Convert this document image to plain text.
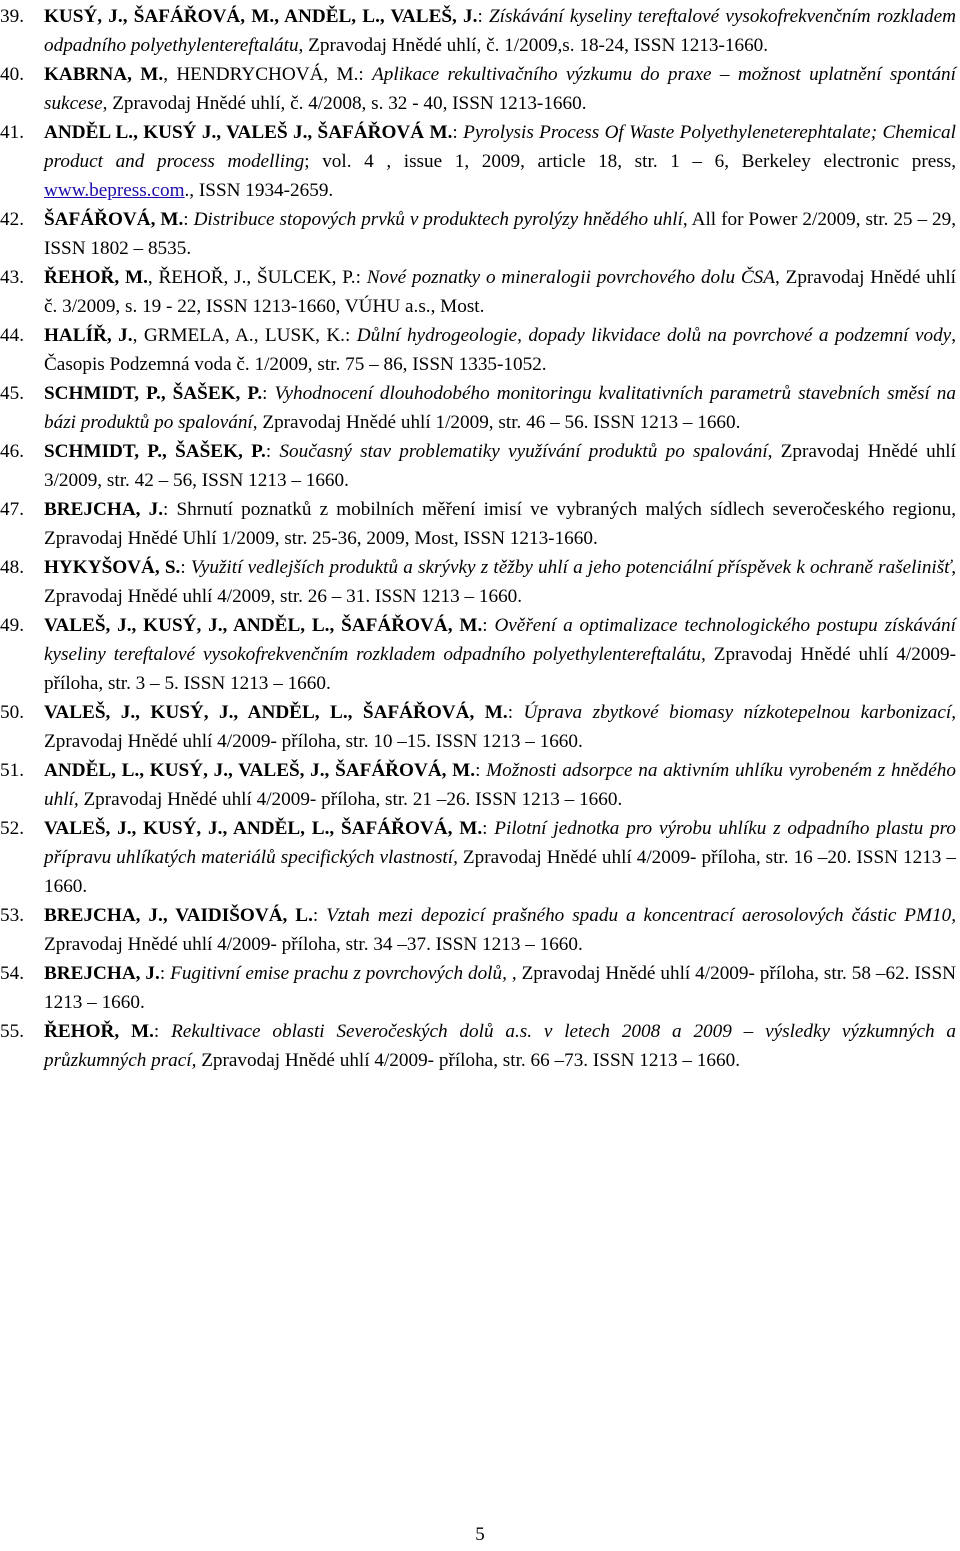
39. KUSÝ, J., ŠAFÁŘOVÁ, M., ANDĚL, L., VALEŠ, J.: Získávání kyseliny tereftalové vysokofrekvenčním rozkladem odpadního polyethylentereftalátu, Zpravodaj Hnědé uhlí, č. 1/2009,s. 18-24, ISSN 1213-1660.
40. KABRNA, M., HENDRYCHOVÁ, M.: Aplikace rekultivačního výzkumu do praxe – možnost uplatnění spontání sukcese, Zpravodaj Hnědé uhlí, č. 4/2008, s. 32 - 40, ISSN 1213-1660.
41. ANDĚL L., KUSÝ J., VALEŠ J., ŠAFÁŘOVÁ M.: Pyrolysis Process Of Waste Polyethyleneterephtalate; Chemical product and process modelling; vol. 4 , issue 1, 2009, article 18, str. 1 – 6, Berkeley electronic press, www.bepress.com., ISSN 1934-2659.
42. ŠAFÁŘOVÁ, M.: Distribuce stopových prvků v produktech pyrolýzy hnědého uhlí, All for Power 2/2009, str. 25 – 29, ISSN 1802 – 8535.
43. ŘEHOŘ, M., ŘEHOŘ, J., ŠULCEK, P.: Nové poznatky o mineralogii povrchového dolu ČSA, Zpravodaj Hnědé uhlí č. 3/2009, s. 19 - 22, ISSN 1213-1660, VÚHU a.s., Most.
44. HALÍŘ, J., GRMELA, A., LUSK, K.: Důlní hydrogeologie, dopady likvidace dolů na povrchové a podzemní vody, Časopis Podzemná voda č. 1/2009, str. 75 – 86, ISSN 1335-1052.
45. SCHMIDT, P., ŠAŠEK, P.: Vyhodnocení dlouhodobého monitoringu kvalitativních parametrů stavebních směsí na bázi produktů po spalování, Zpravodaj Hnědé uhlí 1/2009, str. 46 – 56. ISSN 1213 – 1660.
46. SCHMIDT, P., ŠAŠEK, P.: Současný stav problematiky využívání produktů po spalování, Zpravodaj Hnědé uhlí 3/2009, str. 42 – 56, ISSN 1213 – 1660.
47. BREJCHA, J.: Shrnutí poznatků z mobilních měření imisí ve vybraných malých sídlech severočeského regionu, Zpravodaj Hnědé Uhlí 1/2009, str. 25-36, 2009, Most, ISSN 1213-1660.
48. HYKYŠOVÁ, S.: Využití vedlejších produktů a skrývky z těžby uhlí a jeho potenciální příspěvek k ochraně rašelinišť, Zpravodaj Hnědé uhlí 4/2009, str. 26 – 31. ISSN 1213 – 1660.
49. VALEŠ, J., KUSÝ, J., ANDĚL, L., ŠAFÁŘOVÁ, M.: Ověření a optimalizace technologického postupu získávání kyseliny tereftalové vysokofrekvenčním rozkladem odpadního polyethylentereftalátu, Zpravodaj Hnědé uhlí 4/2009- příloha, str. 3 – 5. ISSN 1213 – 1660.
50. VALEŠ, J., KUSÝ, J., ANDĚL, L., ŠAFÁŘOVÁ, M.: Úprava zbytkové biomasy nízkotepelnou karbonizací, Zpravodaj Hnědé uhlí 4/2009- příloha, str. 10 –15. ISSN 1213 – 1660.
51. ANDĚL, L., KUSÝ, J., VALEŠ, J., ŠAFÁŘOVÁ, M.: Možnosti adsorpce na aktivním uhlíku vyrobeném z hnědého uhlí, Zpravodaj Hnědé uhlí 4/2009- příloha, str. 21 –26. ISSN 1213 – 1660.
52. VALEŠ, J., KUSÝ, J., ANDĚL, L., ŠAFÁŘOVÁ, M.: Pilotní jednotka pro výrobu uhlíku z odpadního plastu pro přípravu uhlíkatých materiálů specifických vlastností, Zpravodaj Hnědé uhlí 4/2009- příloha, str. 16 –20. ISSN 1213 – 1660.
53. BREJCHA, J., VAIDIŠOVÁ, L.: Vztah mezi depozicí prašného spadu a koncentrací aerosolových částic PM10, Zpravodaj Hnědé uhlí 4/2009- příloha, str. 34 –37. ISSN 1213 – 1660.
54. BREJCHA, J.: Fugitivní emise prachu z povrchových dolů, , Zpravodaj Hnědé uhlí 4/2009- příloha, str. 58 –62. ISSN 1213 – 1660.
55. ŘEHOŘ, M.: Rekultivace oblasti Severočeských dolů a.s. v letech 2008 a 2009 – výsledky výzkumných a průzkumných prací, Zpravodaj Hnědé uhlí 4/2009- příloha, str. 66 –73. ISSN 1213 – 1660.
5
